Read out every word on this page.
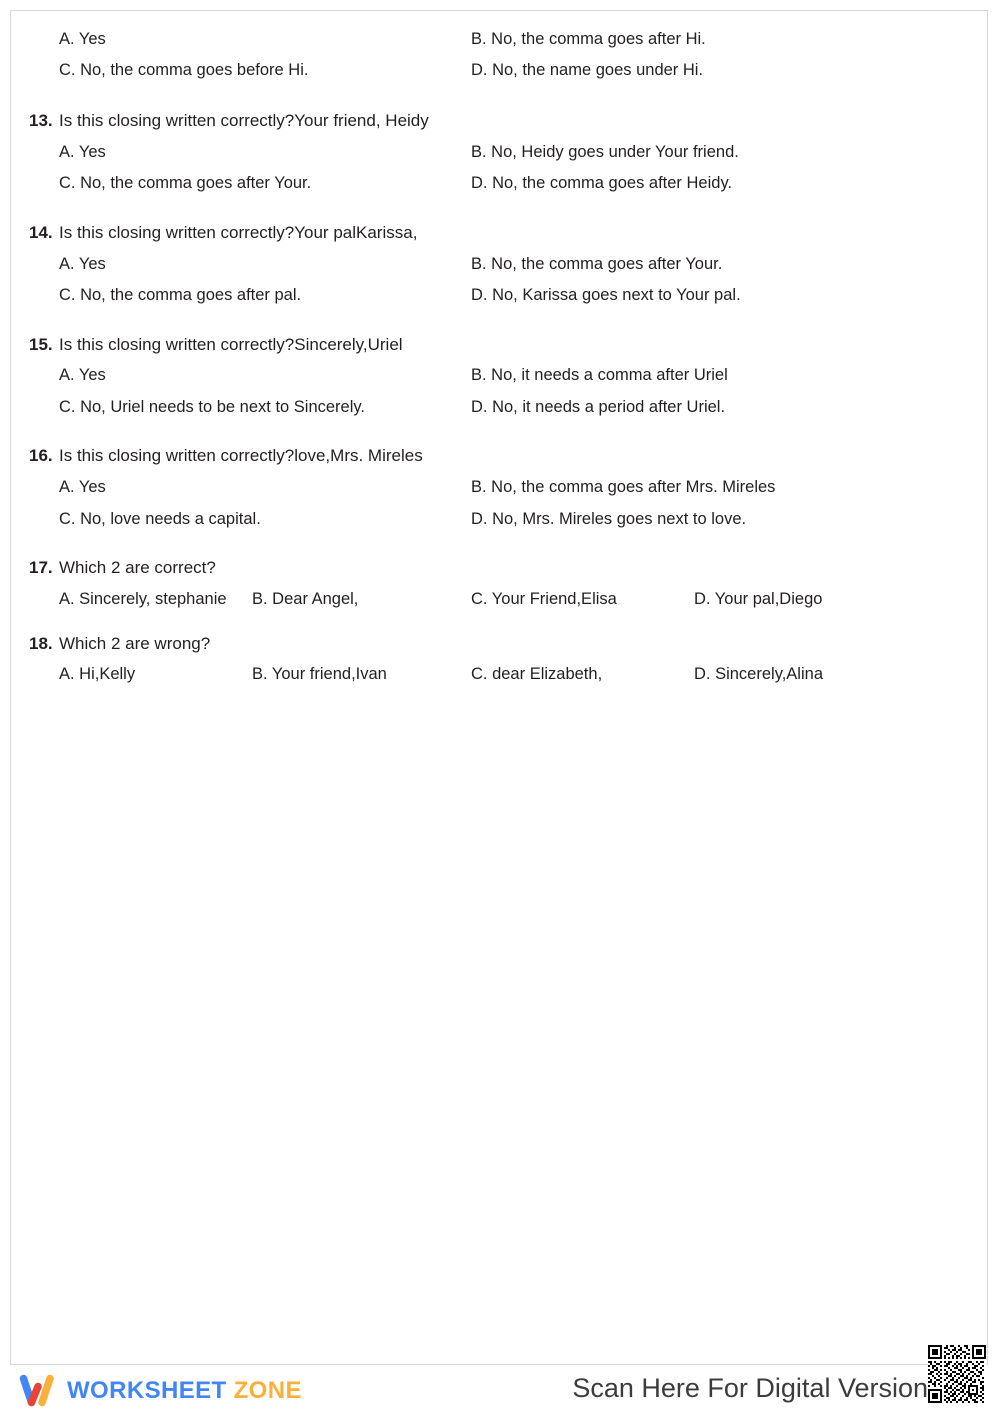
A. Yes	B. No, the comma goes after Hi.
C. No, the comma goes before Hi.	D. No, the name goes under Hi.
13. Is this closing written correctly?Your friend, Heidy
A. Yes	B. No, Heidy goes under Your friend.
C. No, the comma goes after Your.	D. No, the comma goes after Heidy.
14. Is this closing written correctly?Your palKarissa,
A. Yes	B. No, the comma goes after Your.
C. No, the comma goes after pal.	D. No, Karissa goes next to Your pal.
15. Is this closing written correctly?Sincerely,Uriel
A. Yes	B. No, it needs a comma after Uriel
C. No, Uriel needs to be next to Sincerely.	D. No, it needs a period after Uriel.
16. Is this closing written correctly?love,Mrs. Mireles
A. Yes	B. No, the comma goes after Mrs. Mireles
C. No, love needs a capital.	D. No, Mrs. Mireles goes next to love.
17. Which 2 are correct?
A. Sincerely, stephanie	B. Dear Angel,	C. Your Friend,Elisa	D. Your pal,Diego
18. Which 2 are wrong?
A. Hi,Kelly	B. Your friend,Ivan	C. dear Elizabeth,	D. Sincerely,Alina
WORKSHEET ZONE	Scan Here For Digital Version
